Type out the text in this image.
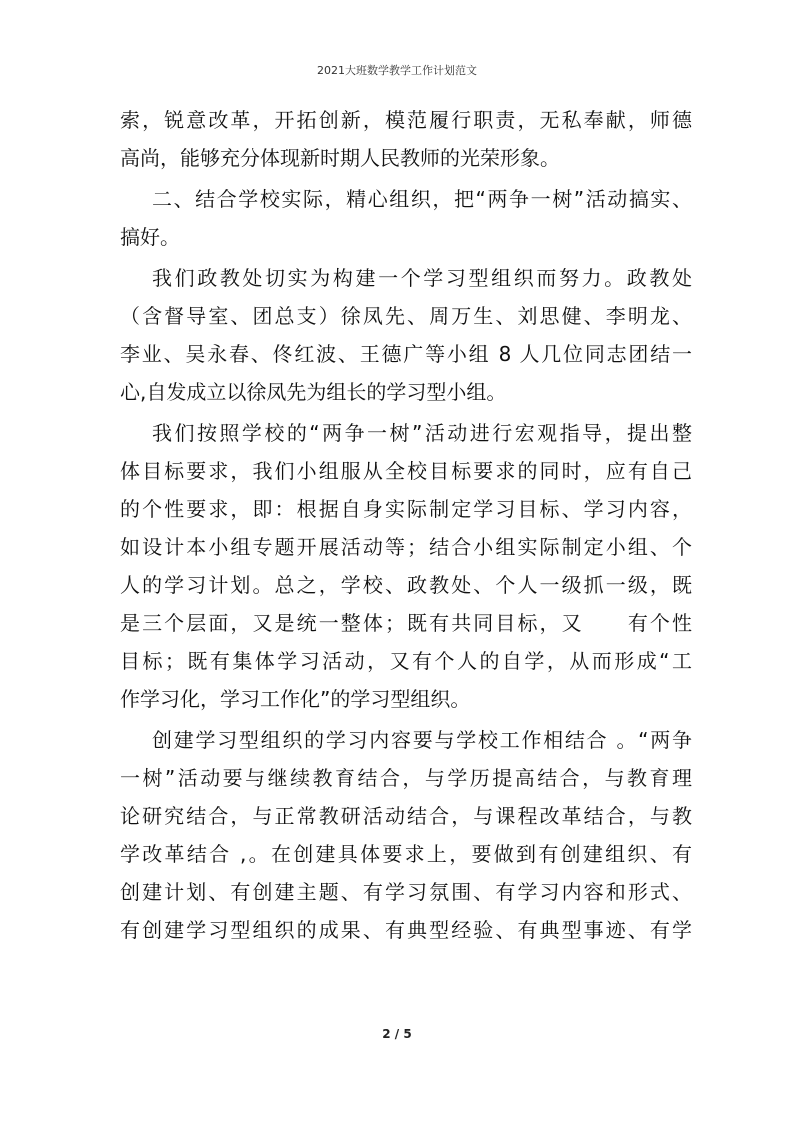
2021大班数学教学工作计划范文
索，锐意改革，开拓创新，模范履行职责，无私奉献，师德
高尚，能够充分体现新时期人民教师的光荣形象。
二、结合学校实际，精心组织，把“两争一树”活动搞实、
搞好。
我们政教处切实为构建一个学习型组织而努力。政教处
（含督导室、团总支）徐凤先、周万生、刘思健、李明龙、
李业、吴永春、佟红波、王德广等小组 8 人几位同志团结一
心,自发成立以徐凤先为组长的学习型小组。
我们按照学校的“两争一树”活动进行宏观指导，提出整
体目标要求，我们小组服从全校目标要求的同时，应有自己
的个性要求，即：根据自身实际制定学习目标、学习内容，
如设计本小组专题开展活动等；结合小组实际制定小组、个
人的学习计划。总之，学校、政教处、个人一级抓一级，既
是三个层面，又是统一整体；既有共同目标，又　　有个性
目标；既有集体学习活动，又有个人的自学，从而形成“工
作学习化，学习工作化”的学习型组织。
创建学习型组织的学习内容要与学校工作相结合 。“两争
一树”活动要与继续教育结合，与学历提高结合，与教育理
论研究结合，与正常教研活动结合，与课程改革结合，与教
学改革结合 ,。在创建具体要求上，要做到有创建组织、有
创建计划、有创建主题、有学习氛围、有学习内容和形式、
有创建学习型组织的成果、有典型经验、有典型事迹、有学
2 / 5
